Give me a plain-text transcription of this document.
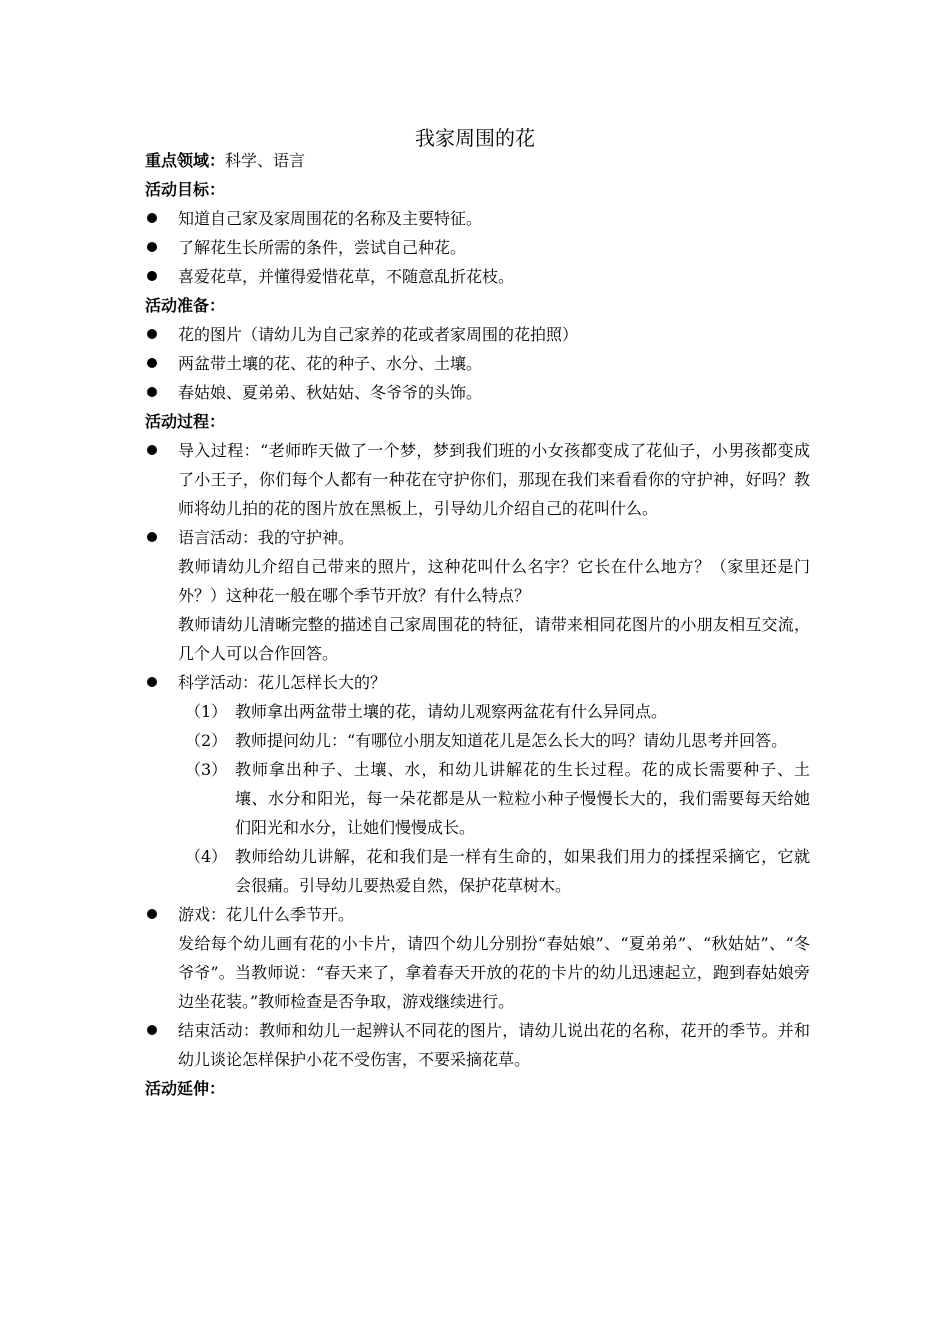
我家周围的花
重点领域：科学、语言
活动目标：
知道自己家及家周围花的名称及主要特征。
了解花生长所需的条件，尝试自己种花。
喜爱花草，并懂得爱惜花草，不随意乱折花枝。
活动准备：
花的图片（请幼儿为自己家养的花或者家周围的花拍照）
两盆带土壤的花、花的种子、水分、土壤。
春姑娘、夏弟弟、秋姑姑、冬爷爷的头饰。
活动过程：
导入过程：“老师昨天做了一个梦，梦到我们班的小女孩都变成了花仙子，小男孩都变成了小王子，你们每个人都有一种花在守护你们，那现在我们来看看你的守护神，好吗？教师将幼儿拍的花的图片放在黑板上，引导幼儿介绍自己的花叫什么。
语言活动：我的守护神。
教师请幼儿介绍自己带来的照片，这种花叫什么名字？它长在什么地方？（家里还是门外？）这种花一般在哪个季节开放？有什么特点？
教师请幼儿清晰完整的描述自己家周围花的特征，请带来相同花图片的小朋友相互交流，几个人可以合作回答。
科学活动：花儿怎样长大的？
（1） 教师拿出两盆带土壤的花，请幼儿观察两盆花有什么异同点。
（2） 教师提问幼儿：“有哪位小朋友知道花儿是怎么长大的吗？请幼儿思考并回答。
（3） 教师拿出种子、土壤、水，和幼儿讲解花的生长过程。花的成长需要种子、土壤、水分和阳光，每一朵花都是从一粒粒小种子慢慢长大的，我们需要每天给她们阳光和水分，让她们慢慢成长。
（4） 教师给幼儿讲解，花和我们是一样有生命的，如果我们用力的揉捏采摘它，它就会很痛。引导幼儿要热爱自然，保护花草树木。
游戏：花儿什么季节开。
发给每个幼儿画有花的小卡片，请四个幼儿分别扮“春姑娘”、“夏弟弟”、“秋姑姑”、“冬爷爷”。当教师说：“春天来了，拿着春天开放的花的卡片的幼儿迅速起立，跑到春姑娘旁边坐花装。”教师检查是否争取，游戏继续进行。
结束活动：教师和幼儿一起辨认不同花的图片，请幼儿说出花的名称，花开的季节。并和幼儿谈论怎样保护小花不受伤害，不要采摘花草。
活动延伸：
